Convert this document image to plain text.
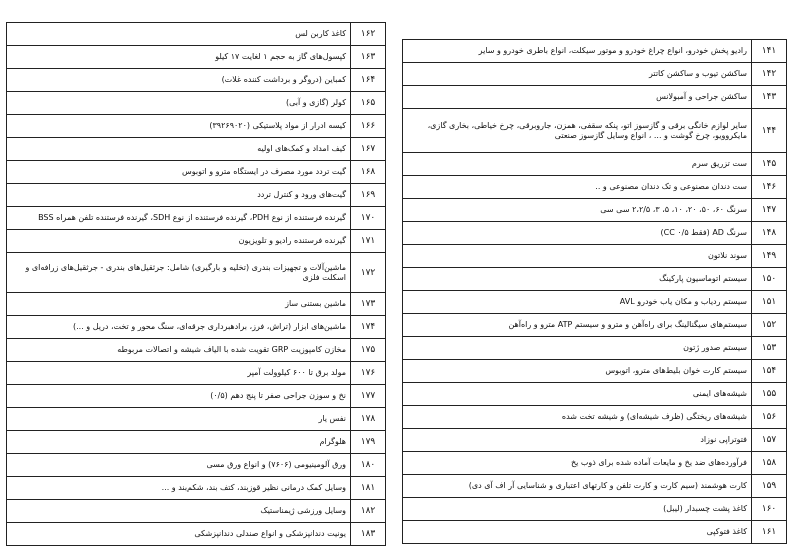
۱۶۲	کاغذ کاربن لس
۱۶۳	کپسول‌های گاز به حجم ۱ لغایت ۱۷ کیلو
۱۶۴	کمباین (دروگر و برداشت کننده غلات)
۱۶۵	کولر (گازی و آبی)
۱۶۶	کیسه ادرار از مواد پلاستیکی (۳۹۲۶۹۰۲۰)
۱۶۷	کیف امداد و کمک‌های اولیه
۱۶۸	گیت تردد مورد مصرف در ایستگاه مترو و اتوبوس
۱۶۹	گیت‌های ورود و کنترل تردد
۱۷۰	گیرنده فرستنده از نوع PDH، گیرنده فرستنده از نوع SDH، گیرنده فرستنده تلفن همراه BSS
۱۷۱	گیرنده فرستنده رادیو و تلویزیون
۱۷۲	ماشین‌آلات و تجهیزات بندری (تخلیه و بارگیری) شامل: جرثقیل‌های بندری - جرثقیل‌های زرافه‌ای و اسکلت فلزی
۱۷۳	ماشین بستنی ساز
۱۷۴	ماشین‌های ابزار (تراش، فرز، برادهبرداری جرقه‌ای، سنگ محور و تخت، دریل و ...)
۱۷۵	مخازن کامپوزیت GRP تقویت شده با الیاف شیشه و اتصالات مربوطه
۱۷۶	مولد برق تا ۶۰۰ کیلوولت آمپر
۱۷۷	نخ و سوزن جراحی صفر تا پنج دهم (۰/۵)
۱۷۸	نفس یار
۱۷۹	هلوگرام
۱۸۰	ورق آلومینیومی (۷۶۰۶) و انواع ورق مسی
۱۸۱	وسایل کمک درمانی نظیر قوزبند، کتف بند، شکم‌بند و ...
۱۸۲	وسایل ورزشی ژیمناستیک
۱۸۳	یونیت دندانپزشکی و انواع صندلی دندانپزشکی
۱۴۱	رادیو پخش خودرو، انواع چراغ خودرو و موتور سیکلت، انواع باطری خودرو و سایر
۱۴۲	ساکشن تیوب و ساکشن کاتتر
۱۴۳	ساکشن جراحی و آمبولانس
۱۴۴	سایر لوازم خانگی برقی و گازسوز اتو، پنکه سقفی، همزن، جاروبرقی، چرخ خیاطی، بخاری گازی، مایکروویو، چرخ گوشت و ... ، انواع وسایل گازسوز صنعتی
۱۴۵	ست تزریق سرم
۱۴۶	ست دندان مصنوعی و تک دندان مصنوعی و ..
۱۴۷	سرنگ ۶۰، ۵۰، ۲۰، ۱۰، ۵، ۳، ۲،۲/۵ سی سی
۱۴۸	سرنگ AD (فقط CC ۰/۵)
۱۴۹	سوند نلاتون
۱۵۰	سیستم اتوماسیون پارکینگ
۱۵۱	سیستم ردیاب و مکان یاب خودرو AVL
۱۵۲	سیستم‌های سیگنالینگ برای راه‌آهن و مترو و سیستم ATP مترو و راه‌آهن
۱۵۳	سیستم صدور ژتون
۱۵۴	سیستم کارت خوان بلیط‌های مترو، اتوبوس
۱۵۵	شیشه‌های ایمنی
۱۵۶	شیشه‌های ریختگی (ظرف شیشه‌ای) و شیشه تخت شده
۱۵۷	فتوتراپی نوزاد
۱۵۸	فرآورده‌های ضد یخ و مایعات آماده شده برای ذوب یخ
۱۵۹	کارت هوشمند (سیم کارت و کارت تلفن و کارتهای اعتباری و شناسایی آر اف آی دی)
۱۶۰	کاغذ پشت چسبدار (لیبل)
۱۶۱	کاغذ فتوکپی
